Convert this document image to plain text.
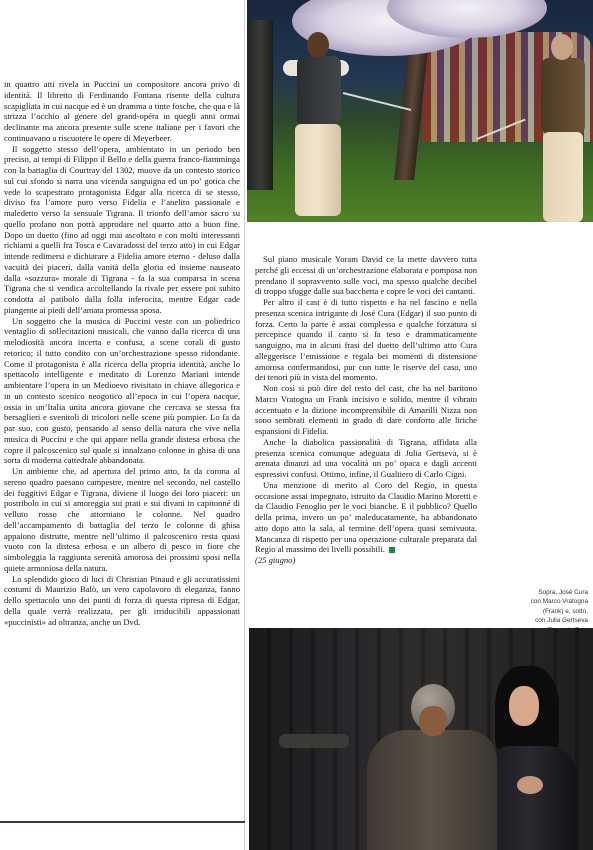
in quattro atti rivela in Puccini un compositore ancora privo di identità. Il libretto di Ferdinando Fontana risente della cultura scapigliata in cui nacque ed è un dramma a tinte fosche, che qua e là strizza l’occhio al genere del grand-opéra in quegli anni ormai declinante ma ancora presente sulle scene italiane per i favori che continuavano a riscuotere le opere di Meyerbeer.

Il soggetto stesso dell’opera, ambientato in un periodo ben preciso, ai tempi di Filippo il Bello e della guerra franco-fiamminga con la battaglia di Courtray del 1302, muove da un contesto storico sul cui sfondo si narra una vicenda sanguigna ed un po’ gotica che vede lo scapestrato protagonista Edgar alla ricerca di se stesso, diviso fra l’amore puro verso Fidelia e l’anelito passionale e maledetto verso la sensuale Tigrana. Il trionfo dell’amor sacro su quello profano non potrà approdare nel quarto atto a buon fine. Dopo un duetto (fino ad oggi mai ascoltato e con molti interessanti richiami a quelli fra Tosca e Cavaradossi del terzo atto) in cui Edgar intende redimersi e dichiarare a Fidelia amore eterno - deluso dalla vacuità dei piaceri, dalla vanità della gloria ed insieme nauseato dalla «sozzura» morale di Tigrana - fa la sua comparsa in scena Tigrana che si vendica accoltellando la rivale per essere poi subito condotta al patibolo dalla folla inferocita, mentre Edgar cade piangente ai piedi dell’amata promessa sposa.

Un soggetto che la musica di Puccini veste con un poliedrico ventaglio di sollecitazioni musicali, che vanno dalla ricerca di una melodiosità ancora incerta e confusa, a scene corali di gusto retorico; il tutto condito con un’orchestrazione spesso ridondante. Come il protagonista è alla ricerca della propria identità, anche lo spettacolo intelligente e meditato di Lorenzo Mariani intende ambientare l’opera in un Medioevo rivisitato in chiave allegorica e in un contesto scenico neogotico all’epoca in cui l’opera nacque, ossia in un’Italia unita ancora giovane che cercava se stessa fra bersaglieri e svenitoli di tricolori nelle scene più pompier. Lo fa da par suo, con gusto, pensando al senso della natura che vive nella musica di Puccini e che qui appare nella grande distesa erbosa che copre il palcoscenico sul quale si innalzano colonne in ghisa di una sorta di moderna cattedrale abbandonata.

Un ambiente che, ad apertura del primo atto, fa da corona al sereno quadro paesano campestre, mentre nel secondo, nel castello dei fuggitivi Edgar e Tigrana, diviene il luogo dei loro piaceri: un postribolo in cui si amoreggia sui prati e sui divani in capitonné di velluto rosso che attorniano le colonne. Nel quadro dell’accampamento di battaglia del terzo le colonne di ghisa appaiono distrutte, mentre nell’ultimo il palcoscenico resta quasi vuoto con la distesa erbosa e un albero di pesco in fiore che simboleggia la raggiunta serenità amorosa dei prossimi sposi nella quiete armoniosa della natura.

Lo splendido gioco di luci di Christian Pinaud e gli accuratissimi costumi di Maurizio Balò, un vero capolavoro di eleganza, fanno dello spettacolo uno dei punti di forza di questa ripresa di Edgar, della quale verrà realizzata, per gli irriducibili appassionati «puccinisti» ad oltranza, anche un Dvd.

Sul piano musicale Yoram David ce la mette davvero tutta perché gli eccessi di un’orchestrazione elaborata e pomposa non prendano il sopravvento sulle voci, ma spesso qualche decibel di troppo sfugge dalle sua bacchetta e copre le voci dei cantanti.

Per altro il cast è di tutto rispetto e ha nel fascino e nella presenza scenica intrigante di José Cura (Edgar) il suo punto di forza. Certo la parte è assai complessa e qualche forzatura si percepisce quando il canto si fa teso e drammaticamente sanguigno, ma in alcuni frasi del duetto dell’ultimo atto Cura alleggerisce l’emissione e regala bei momenti di distensione amorosa confermandosi, pur con tutte le riserve del caso, uno dei tenori più in vista del momento.

Non così si può dire del resto del cast, che ha nel baritono Marco Vratogna un Frank incisivo e solido, mentre il vibrato accentuato e la dizione incomprensibile di Amarilli Nizza non sono sembrati elementi in grado di dare conforto alle liriche espansioni di Fidelia.

Anche la diabolica passionalità di Tigrana, affidata alla presenza scenica comunque adeguata di Julia Gertseva, si è arenata dinanzi ad una vocalità un po’ opaca e dagli accenti espressivi confusi. Ottimo, infine, il Gualtiero di Carlo Cigni.

Una menzione di merito al Coro del Regio, in questa occasione assai impegnato, istruito da Claudio Marino Moretti e da Claudio Fenoglio per le voci bianche. E il pubblico? Quello della prima, invero un po’ maleducatamente, ha abbandonato atto dopo atto la sala, al termine dell’opera quasi semivuota. Mancanza di rispetto per una operazione culturale preparata dal Regio al massimo dei livelli possibili.

(25 giugno)

Sopra, José Cura
con Marco Vratogna
(Frank) e, sotto,
con Julia Gertseva
